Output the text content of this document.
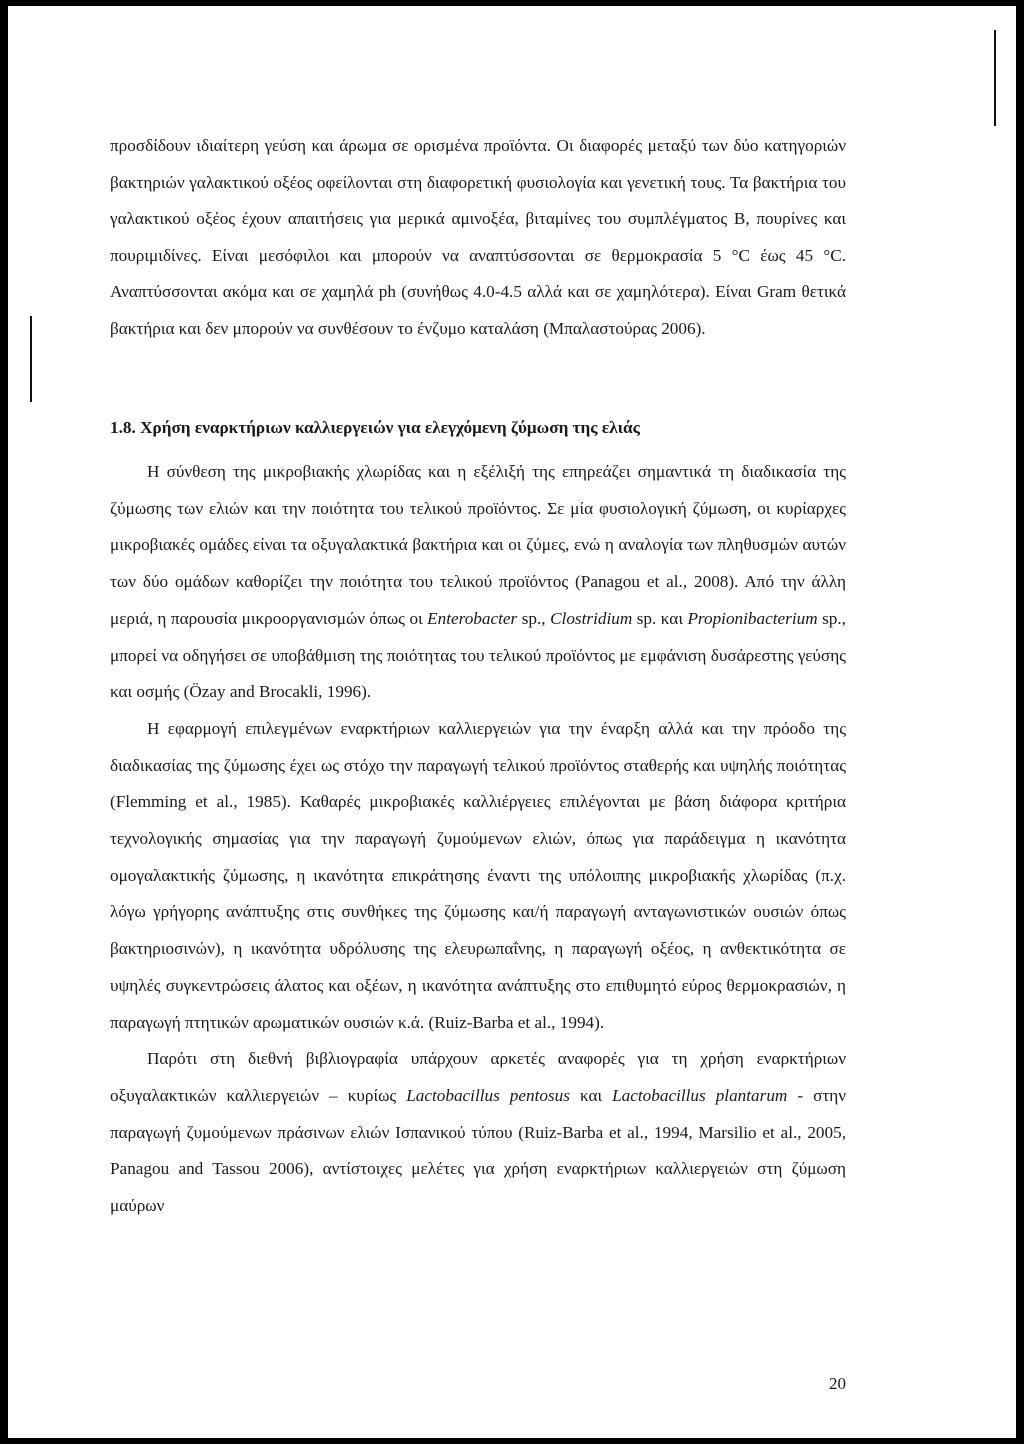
προσδίδουν ιδιαίτερη γεύση και άρωμα σε ορισμένα προϊόντα. Οι διαφορές μεταξύ των δύο κατηγοριών βακτηριών γαλακτικού οξέος οφείλονται στη διαφορετική φυσιολογία και γενετική τους. Τα βακτήρια του γαλακτικού οξέος έχουν απαιτήσεις για μερικά αμινοξέα, βιταμίνες του συμπλέγματος Β, πουρίνες και πουριμιδίνες. Είναι μεσόφιλοι και μπορούν να αναπτύσσονται σε θερμοκρασία 5 °C έως 45 °C. Αναπτύσσονται ακόμα και σε χαμηλά ph (συνήθως 4.0-4.5 αλλά και σε χαμηλότερα). Είναι Gram θετικά βακτήρια και δεν μπορούν να συνθέσουν το ένζυμο καταλάση (Μπαλαστούρας 2006).

1.8. Χρήση εναρκτήριων καλλιεργειών για ελεγχόμενη ζύμωση της ελιάς

Η σύνθεση της μικροβιακής χλωρίδας και η εξέλιξή της επηρεάζει σημαντικά τη διαδικασία της ζύμωσης των ελιών και την ποιότητα του τελικού προϊόντος. Σε μία φυσιολογική ζύμωση, οι κυρίαρχες μικροβιακές ομάδες είναι τα οξυγαλακτικά βακτήρια και οι ζύμες, ενώ η αναλογία των πληθυσμών αυτών των δύο ομάδων καθορίζει την ποιότητα του τελικού προϊόντος (Panagou et al., 2008). Από την άλλη μεριά, η παρουσία μικροοργανισμών όπως οι Enterobacter sp., Clostridium sp. και Propionibacterium sp., μπορεί να οδηγήσει σε υποβάθμιση της ποιότητας του τελικού προϊόντος με εμφάνιση δυσάρεστης γεύσης και οσμής (Özay and Brocakli, 1996).

Η εφαρμογή επιλεγμένων εναρκτήριων καλλιεργειών για την έναρξη αλλά και την πρόοδο της διαδικασίας της ζύμωσης έχει ως στόχο την παραγωγή τελικού προϊόντος σταθερής και υψηλής ποιότητας (Flemming et al., 1985). Καθαρές μικροβιακές καλλιέργειες επιλέγονται με βάση διάφορα κριτήρια τεχνολογικής σημασίας για την παραγωγή ζυμούμενων ελιών, όπως για παράδειγμα η ικανότητα ομογαλακτικής ζύμωσης, η ικανότητα επικράτησης έναντι της υπόλοιπης μικροβιακής χλωρίδας (π.χ. λόγω γρήγορης ανάπτυξης στις συνθήκες της ζύμωσης και/ή παραγωγή ανταγωνιστικών ουσιών όπως βακτηριοσινών), η ικανότητα υδρόλυσης της ελευρωπαΐνης, η παραγωγή οξέος, η ανθεκτικότητα σε υψηλές συγκεντρώσεις άλατος και οξέων, η ικανότητα ανάπτυξης στο επιθυμητό εύρος θερμοκρασιών, η παραγωγή πτητικών αρωματικών ουσιών κ.ά. (Ruiz-Barba et al., 1994).

Παρότι στη διεθνή βιβλιογραφία υπάρχουν αρκετές αναφορές για τη χρήση εναρκτήριων οξυγαλακτικών καλλιεργειών – κυρίως Lactobacillus pentosus και Lactobacillus plantarum - στην παραγωγή ζυμούμενων πράσινων ελιών Ισπανικού τύπου (Ruiz-Barba et al., 1994, Marsilio et al., 2005, Panagou and Tassou 2006), αντίστοιχες μελέτες για χρήση εναρκτήριων καλλιεργειών στη ζύμωση μαύρων

20
